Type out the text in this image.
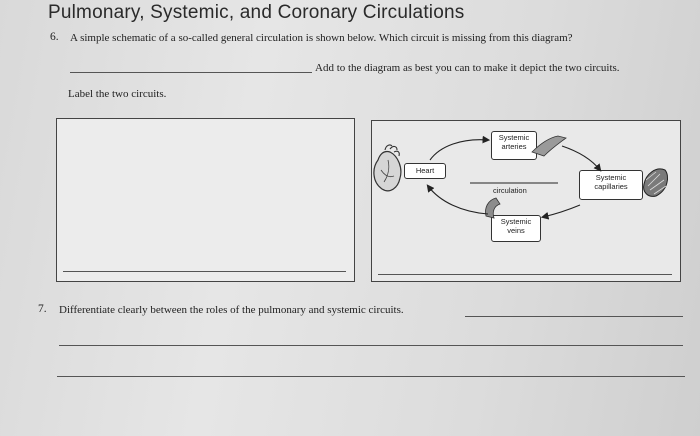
Pulmonary, Systemic, and Coronary Circulations
6. A simple schematic of a so-called general circulation is shown below. Which circuit is missing from this diagram?
Add to the diagram as best you can to make it depict the two circuits.
Label the two circuits.
Systemic arteries
Heart
Systemic capillaries
circulation
Systemic veins
7. Differentiate clearly between the roles of the pulmonary and systemic circuits.
